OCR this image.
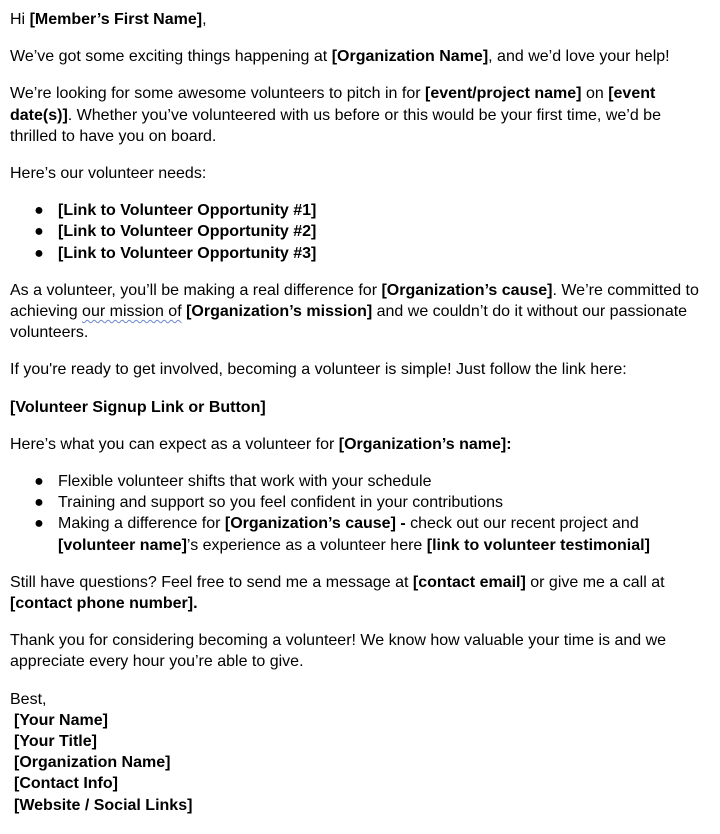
Hi [Member’s First Name],

We’ve got some exciting things happening at [Organization Name], and we’d love your help!

We’re looking for some awesome volunteers to pitch in for [event/project name] on [event date(s)]. Whether you’ve volunteered with us before or this would be your first time, we’d be thrilled to have you on board.

Here’s our volunteer needs:

● [Link to Volunteer Opportunity #1]
● [Link to Volunteer Opportunity #2]
● [Link to Volunteer Opportunity #3]

As a volunteer, you’ll be making a real difference for [Organization’s cause]. We’re committed to achieving our mission of [Organization’s mission] and we couldn’t do it without our passionate volunteers.

If you're ready to get involved, becoming a volunteer is simple! Just follow the link here:

[Volunteer Signup Link or Button]

Here’s what you can expect as a volunteer for [Organization’s name]:

● Flexible volunteer shifts that work with your schedule
● Training and support so you feel confident in your contributions
● Making a difference for [Organization’s cause] - check out our recent project and [volunteer name]’s experience as a volunteer here [link to volunteer testimonial]

Still have questions? Feel free to send me a message at [contact email] or give me a call at [contact phone number].

Thank you for considering becoming a volunteer! We know how valuable your time is and we appreciate every hour you’re able to give.

Best,

[Your Name]

[Your Title]

[Organization Name]

[Contact Info]

[Website / Social Links]
